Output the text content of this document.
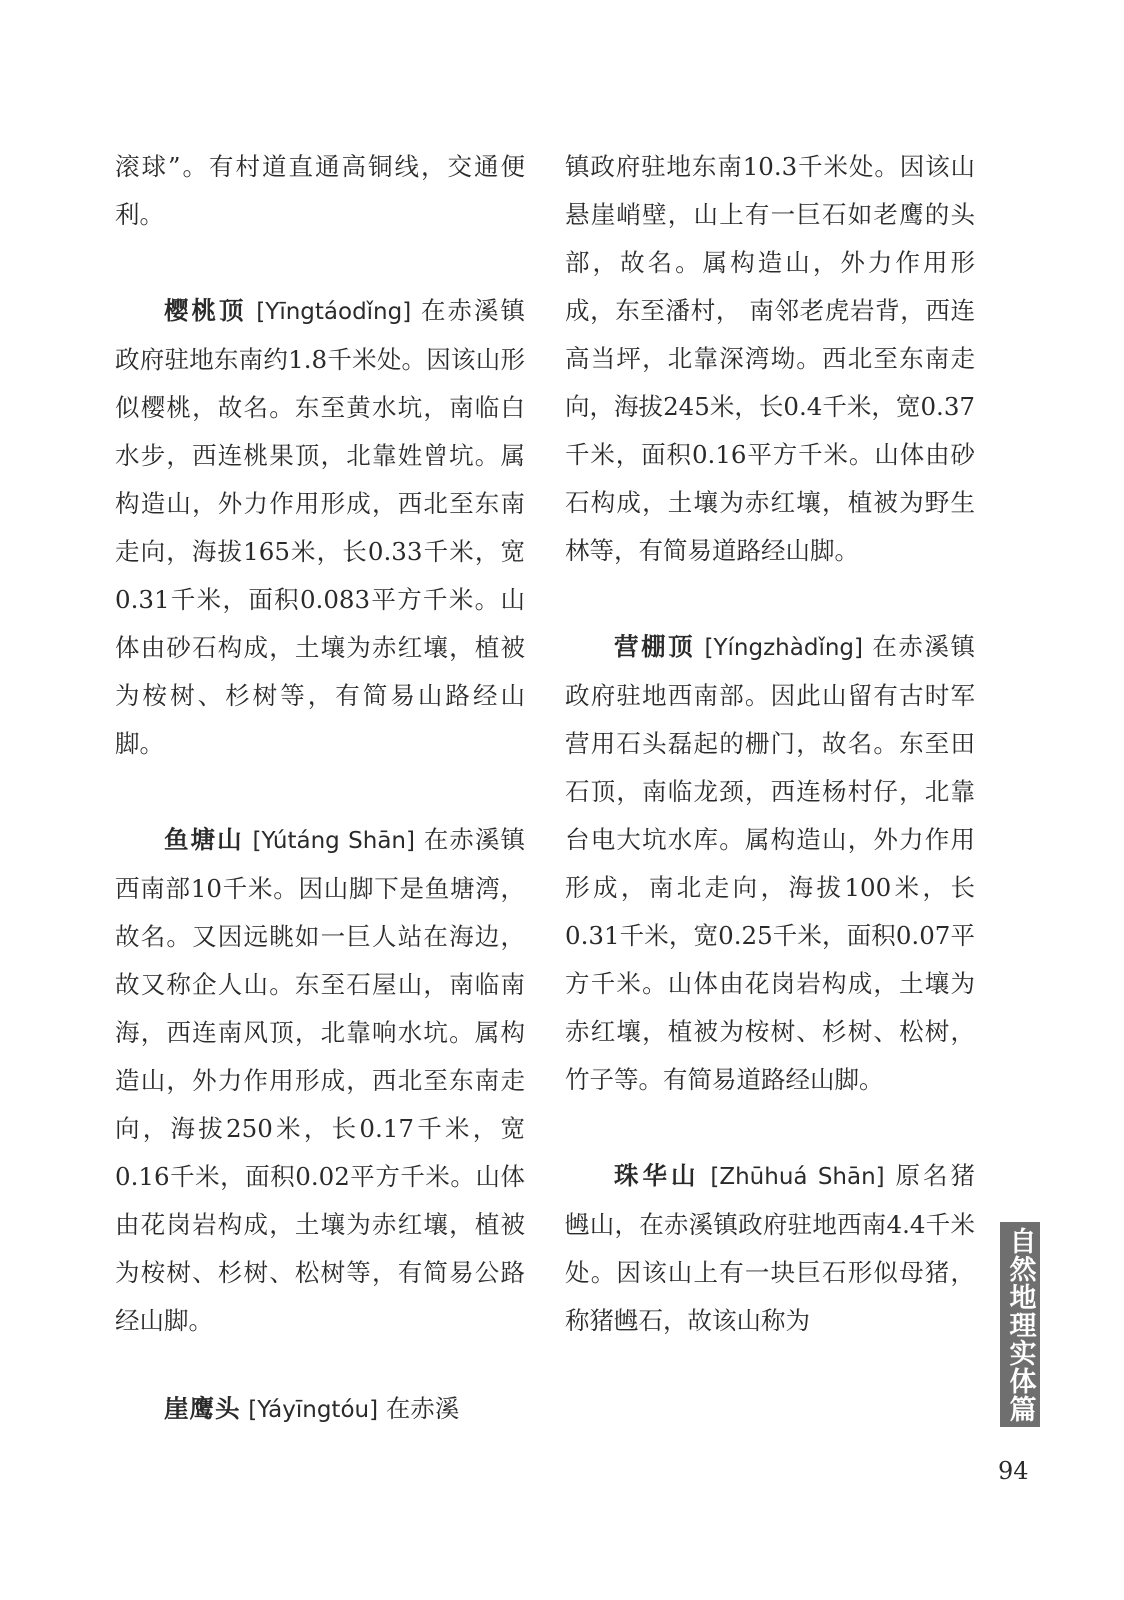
滚球”。有村道直通高铜线，交通便利。

樱桃顶 [Yīngtáodǐng] 在赤溪镇政府驻地东南约1.8千米处。因该山形似樱桃，故名。东至黄水坑，南临白水步，西连桃果顶，北靠姓曾坑。属构造山，外力作用形成，西北至东南走向，海拔165米，长0.33千米，宽0.31千米，面积0.083平方千米。山体由砂石构成，土壤为赤红壤，植被为桉树、杉树等，有简易山路经山脚。

鱼塘山 [Yútáng Shān] 在赤溪镇西南部10千米。因山脚下是鱼塘湾，故名。又因远眺如一巨人站在海边，故又称企人山。东至石屋山，南临南海，西连南风顶，北靠响水坑。属构造山，外力作用形成，西北至东南走向，海拔250米，长0.17千米，宽0.16千米，面积0.02平方千米。山体由花岗岩构成，土壤为赤红壤，植被为桉树、杉树、松树等，有简易公路经山脚。

崖鹰头 [Yáyīngtóu] 在赤溪

镇政府驻地东南10.3千米处。因该山悬崖峭壁，山上有一巨石如老鹰的头部，故名。属构造山，外力作用形成，东至潘村， 南邻老虎岩背，西连高当坪，北靠深湾坳。西北至东南走向，海拔245米，长0.4千米，宽0.37千米，面积0.16平方千米。山体由砂石构成，土壤为赤红壤，植被为野生林等，有简易道路经山脚。

营棚顶 [Yíngzhàdǐng] 在赤溪镇政府驻地西南部。因此山留有古时军营用石头磊起的栅门，故名。东至田石顶，南临龙颈，西连杨村仔，北靠台电大坑水库。属构造山，外力作用形成，南北走向，海拔100米，长0.31千米，宽0.25千米，面积0.07平方千米。山体由花岗岩构成，土壤为赤红壤，植被为桉树、杉树、松树，竹子等。有简易道路经山脚。

珠华山 [Zhūhuá Shān] 原名猪乸山，在赤溪镇政府驻地西南4.4千米处。因该山上有一块巨石形似母猪，称猪乸石，故该山称为	自然地理实体篇
94
